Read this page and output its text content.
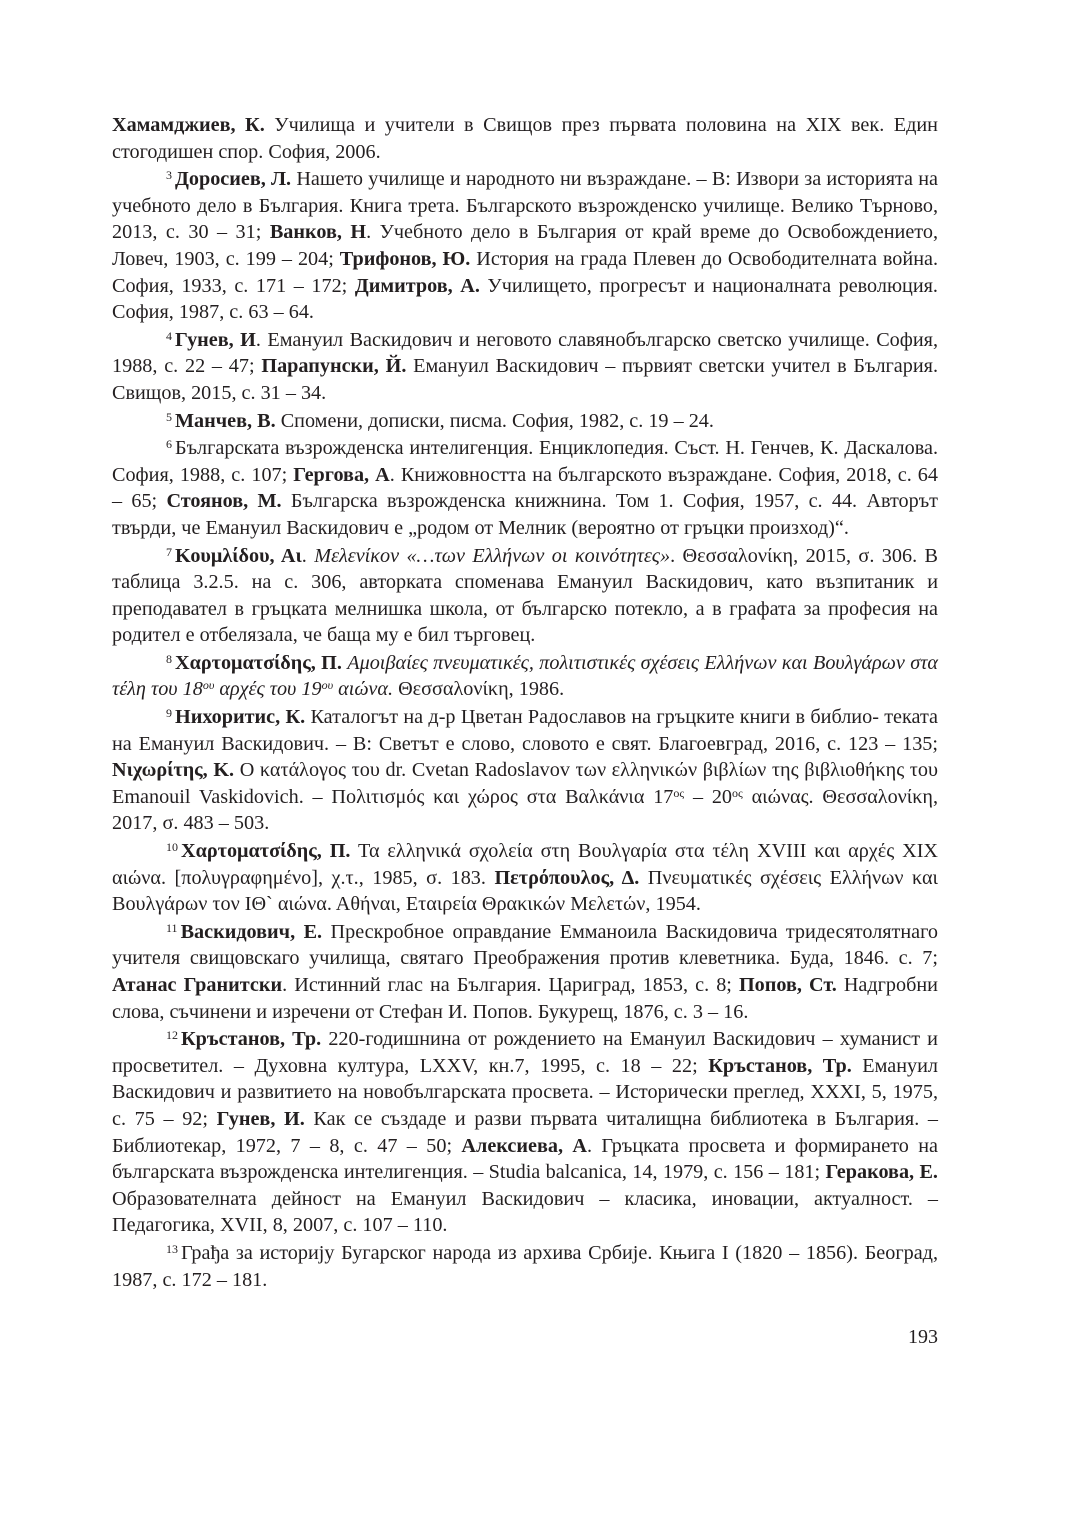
Хамамджиев, К. Училища и учители в Свищов през първата половина на XIX век. Един стогодишен спор. София, 2006.

$^3$ Доросиев, Л. Нашето училище и народното ни възраждане. – В: Извори за историята на учебното дело в България. Книга трета. Българското възрожденско училище. Велико Търново, 2013, с. 30 – 31; Ванков, Н. Учебното дело в България от край време до Освобождението, Ловеч, 1903, с. 199 – 204; Трифонов, Ю. История на града Плевен до Освободителната война. София, 1933, с. 171 – 172; Димитров, А. Училището, прогресът и националната революция. София, 1987, с. 63 – 64.

$^4$ Гунев, И. Емануил Васкидович и неговото славянобългарско светско училище. София, 1988, с. 22 – 47; Парапунски, Й. Емануил Васкидович – първият светски учител в България. Свищов, 2015, с. 31 – 34.

$^5$ Манчев, В. Спомени, дописки, писма. София, 1982, с. 19 – 24.

$^6$ Българската възрожденска интелигенция. Енциклопедия. Съст. Н. Генчев, К. Даскалова. София, 1988, с. 107; Гергова, А. Книжовността на българското възраждане. София, 2018, с. 64 – 65; Стоянов, М. Българска възрожденска книжнина. Том 1. София, 1957, с. 44. Авторът твърди, че Емануил Васкидович е „родом от Мелник (вероятно от гръцки произход)“.

$^7$ Κουμλίδου, Αι. Μελενίκον «…των Ελλήνων οι κοινότητες». Θεσσαλονίκη, 2015, σ. 306. В таблица 3.2.5. на с. 306, авторката споменава Емануил Васкидович, като възпитаник и преподавател в гръцката мелнишка школа, от българско потекло, а в графата за професия на родител е отбелязала, че баща му е бил търговец.

$^8$ Χαρτοματσίδης, Π. Αμοιβαίες πνευματικές, πολιτιστικές σχέσεις Ελλήνων και Βουλγάρων στα τέλη του $18^{o\upsilon}$ αρχές του $19^{o\upsilon}$ αιώνα. Θεσσαλονίκη, 1986.

$^9$ Нихоритис, К. Каталогът на д-р Цветан Радославов на гръцките книги в библио- теката на Емануил Васкидович. – В: Светът е слово, словото е свят. Благоевград, 2016, с. 123 – 135; Νιχωρίτης, Κ. Ο κατάλογος του dr. Cvetan Radoslavov των ελληνικών βιβλίων της βιβλιοθήκης του Emanouil Vaskidovich. – Πολιτισμός και χώρος στα Βαλκάνια $17^{o\varsigma} - 20^{o\varsigma}$ αιώνας. Θεσσαλονίκη, 2017, σ. 483 – 503.

$^{10}$ Χαρτοματσίδης, Π. Τα ελληνικά σχολεία στη Βουλγαρία στα τέλη XVIII και αρχές XIX αιώνα. [πολυγραφημένο], χ.τ., 1985, σ. 183. Πετρόπουλος, Δ. Πνευματικές σχέσεις Ελλήνων και Βουλγάρων τον ΙΘ` αιώνα. Αθήναι, Εταιρεία Θρακικών Μελετών, 1954.

$^{11}$ Васкидович, Е. Прескробное оправдание Емманоила Васкидовича тридесятолятнаго учителя свищовскаго училища, святаго Преображения против клеветника. Буда, 1846. с. 7; Атанас Гранитски. Истинний глас на България. Цариград, 1853, с. 8; Попов, Ст. Надгробни слова, съчинени и изречени от Стефан И. Попов. Букурещ, 1876, с. 3 – 16.

$^{12}$ Кръстанов, Тр. 220-годишнина от рождението на Емануил Васкидович – хуманист и просветител. – Духовна култура, LXXV, кн.7, 1995, с. 18 – 22; Кръстанов, Тр. Емануил Васкидович и развитието на новобългарската просвета. – Исторически преглед, XXXI, 5, 1975, с. 75 – 92; Гунев, И. Как се създаде и разви първата читалищна библиотека в България. – Библиотекар, 1972, 7 – 8, с. 47 – 50; Алексиева, А. Гръцката просвета и формирането на българската възрожденска интелигенция. – Studia balcanica, 14, 1979, с. 156 – 181; Геракова, Е. Образователната дейност на Емануил Васкидович – класика, иновации, актуалност. – Педагогика, XVII, 8, 2007, с. 107 – 110.

$^{13}$ Грађа за историју Бугарског народа из архива Србије. Књига I (1820 – 1856). Београд, 1987, с. 172 – 181.

193
